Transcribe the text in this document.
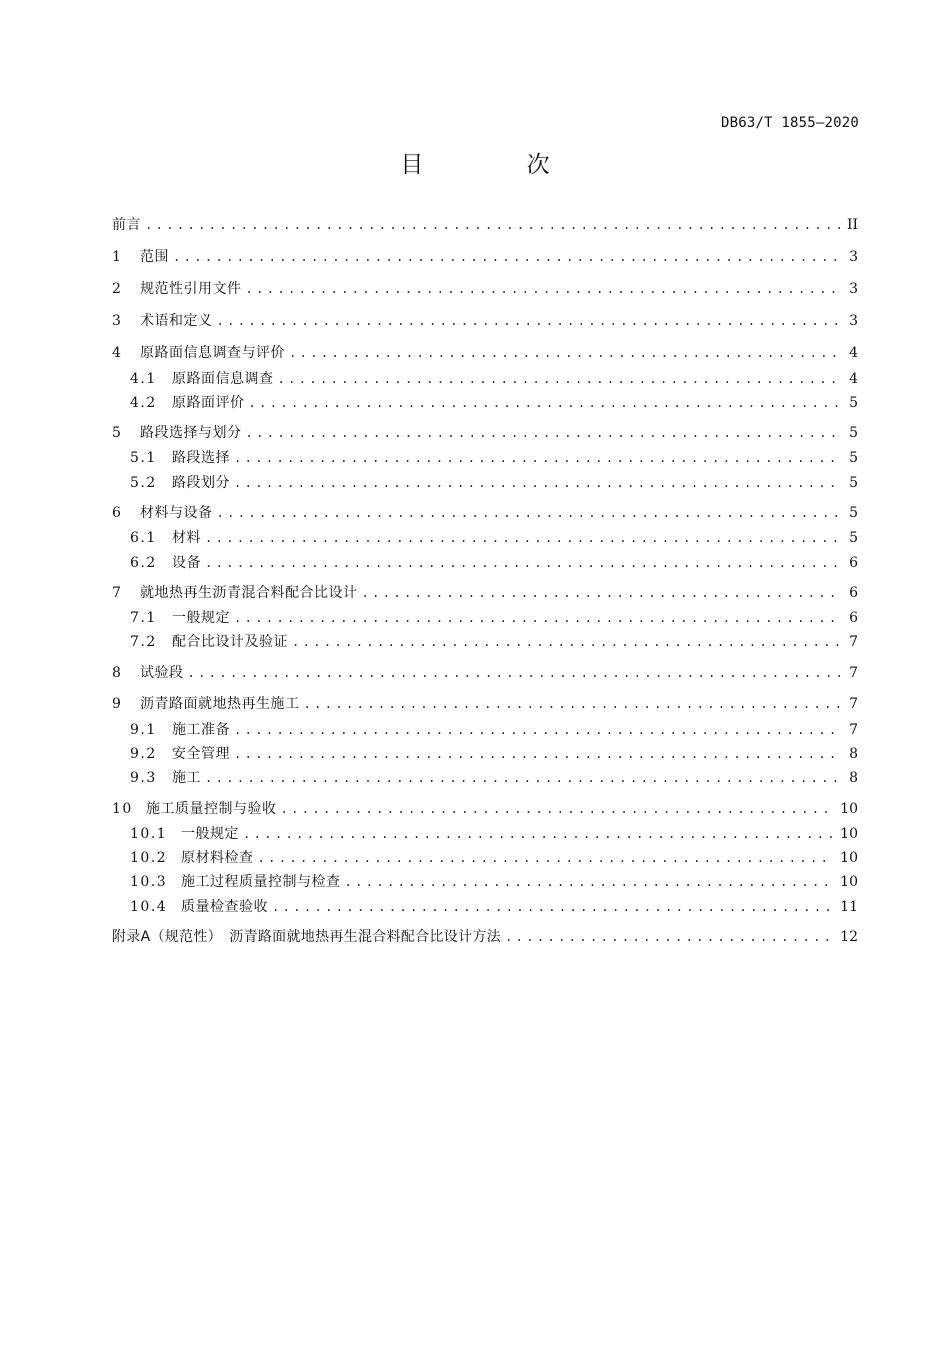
DB63/T 1855—2020
目 次
前言 .....	II
1	范围 .....	3
2	规范性引用文件 .....	3
3	术语和定义 .....	3
4	原路面信息调查与评价 .....	4
4.1	原路面信息调查 .....	4
4.2	原路面评价 .....	5
5	路段选择与划分 .....	5
5.1	路段选择 .....	5
5.2	路段划分 .....	5
6	材料与设备 .....	5
6.1	材料 .....	5
6.2	设备 .....	6
7	就地热再生沥青混合料配合比设计 .....	6
7.1	一般规定 .....	6
7.2	配合比设计及验证 .....	7
8	试验段 .....	7
9	沥青路面就地热再生施工 .....	7
9.1	施工准备 .....	7
9.2	安全管理 .....	8
9.3	施工 .....	8
10 施工质量控制与验收 .....	10
10.1 一般规定 .....	10
10.2 原材料检查 .....	10
10.3 施工过程质量控制与检查 .....	10
10.4 质量检查验收 .....	11
附录A（规范性）　沥青路面就地热再生混合料配合比设计方法 .....	12
